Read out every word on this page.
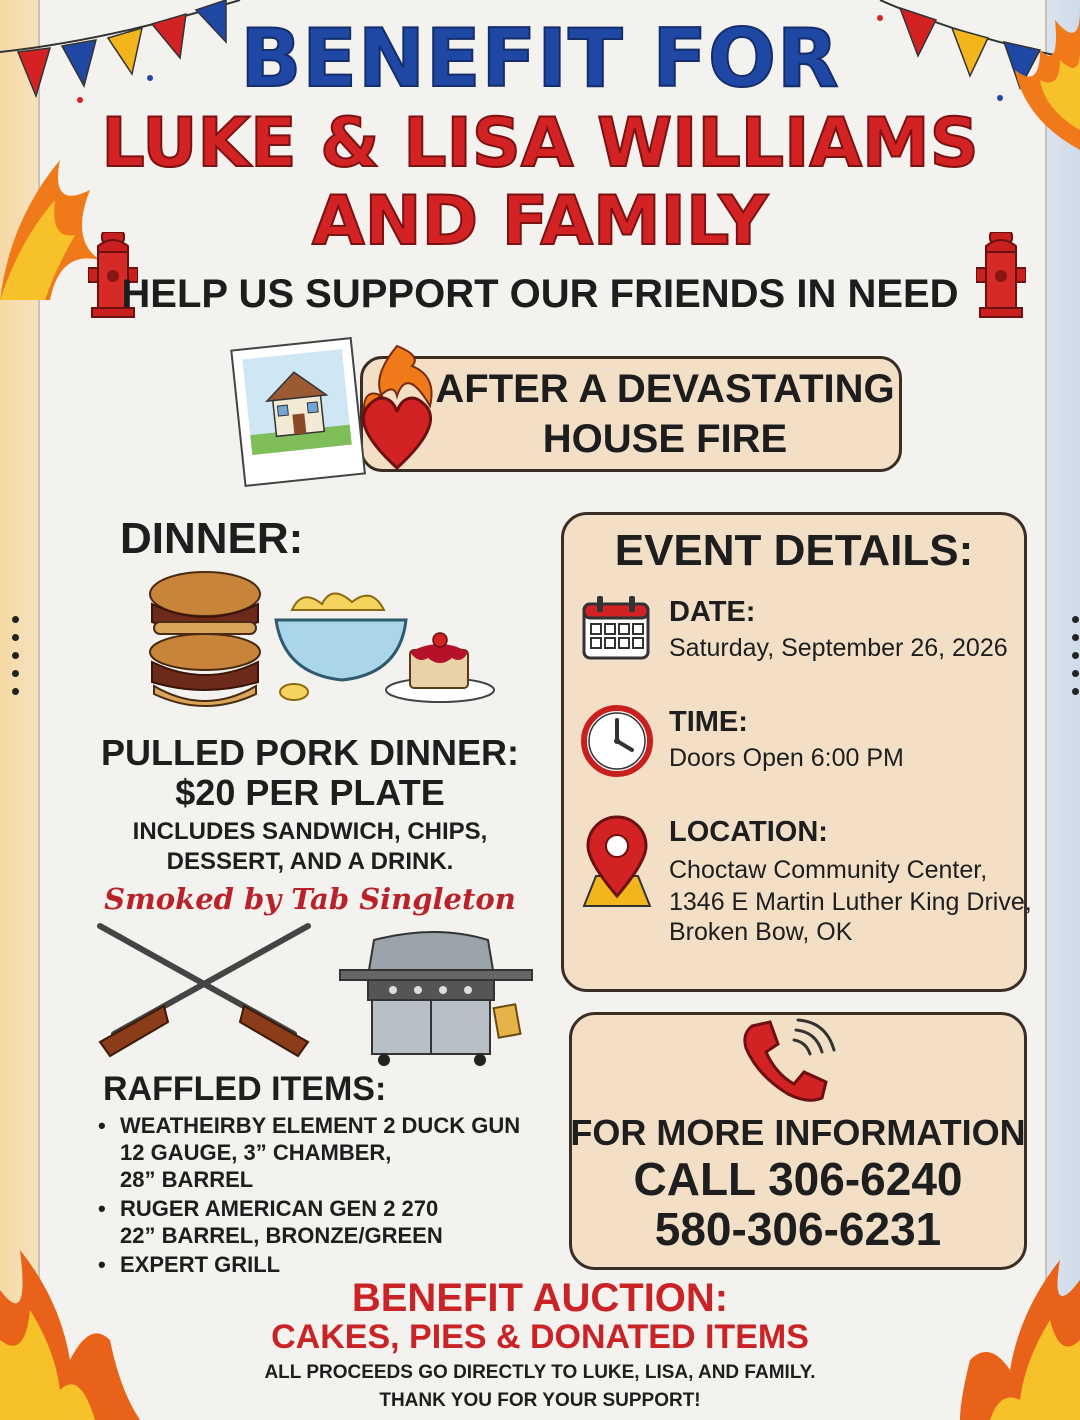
BENEFIT FOR
LUKE & LISA WILLIAMS
AND FAMILY
HELP US SUPPORT OUR FRIENDS IN NEED
AFTER A DEVASTATING
HOUSE FIRE
DINNER:
PULLED PORK DINNER:
$20 PER PLATE
INCLUDES SANDWICH, CHIPS,
DESSERT, AND A DRINK.
Smoked by Tab Singleton
RAFFLED ITEMS:
• WEATHEIRBY ELEMENT 2 DUCK GUN
12 GAUGE, 3” CHAMBER,
28” BARREL
• RUGER AMERICAN GEN 2 270
22” BARREL, BRONZE/GREEN
• EXPERT GRILL
EVENT DETAILS:
DATE:
Saturday, September 26, 2026
TIME:
Doors Open 6:00 PM
LOCATION:
Choctaw Community Center,
1346 E Martin Luther King Drive,
Broken Bow, OK
FOR MORE INFORMATION
CALL 306-6240
580-306-6231
BENEFIT AUCTION:
CAKES, PIES & DONATED ITEMS
ALL PROCEEDS GO DIRECTLY TO LUKE, LISA, AND FAMILY.
THANK YOU FOR YOUR SUPPORT!
